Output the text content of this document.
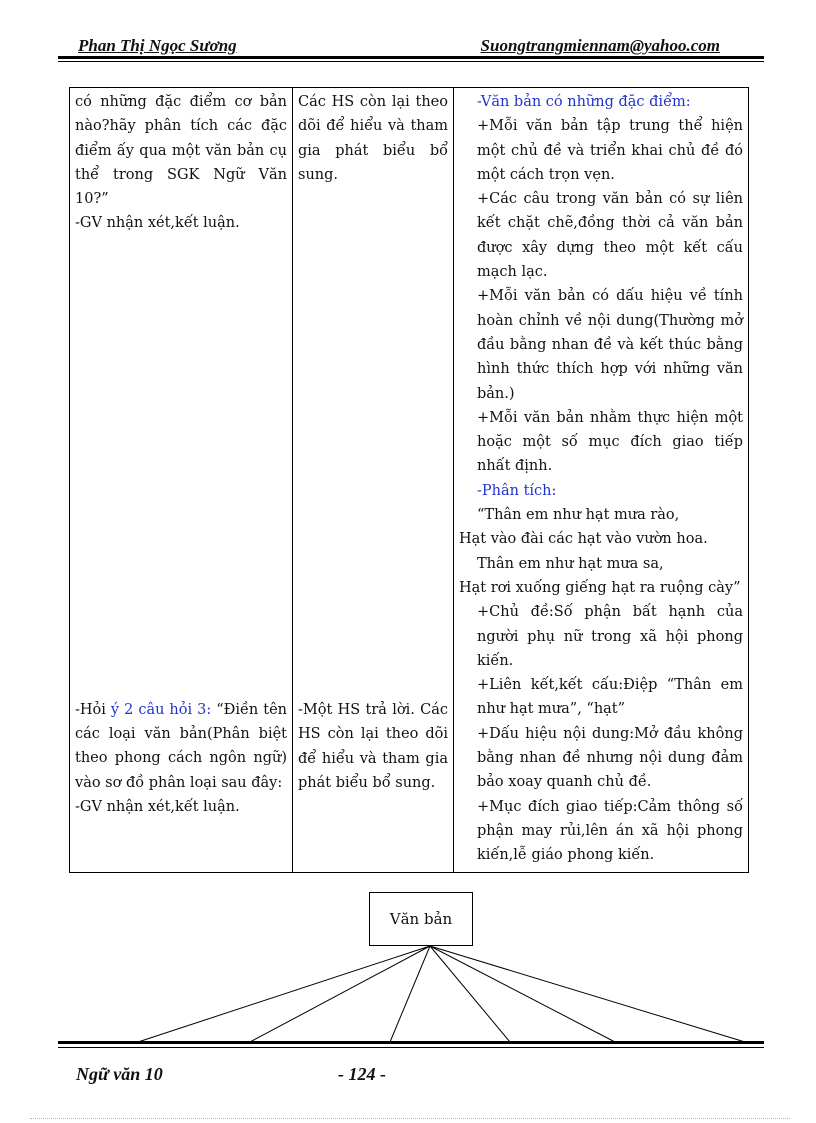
Phan Thị Ngọc Sương	Suongtrangmiennam@yahoo.com
có những đặc điểm cơ bản nào?hãy phân tích các đặc điểm ấy qua một văn bản cụ thể trong SGK Ngữ Văn 10?”
-GV nhận xét,kết luận.
-Hỏi ý 2 câu hỏi 3: “Điền tên các loại văn bản(Phân biệt theo phong cách ngôn ngữ) vào sơ đồ phân loại sau đây:
-GV nhận xét,kết luận.

Các HS còn lại theo dõi để hiểu và tham gia phát biểu bổ sung.
-Một HS trả lời. Các HS còn lại theo dõi để hiểu và tham gia phát biểu bổ sung.

-Văn bản có những đặc điểm:
+Mỗi văn bản tập trung thể hiện một chủ đề và triển khai chủ đề đó một cách trọn vẹn.
+Các câu trong văn bản có sự liên kết chặt chẽ,đồng thời cả văn bản được xây dựng theo một kết cấu mạch lạc.
+Mỗi văn bản có dấu hiệu về tính hoàn chỉnh về nội dung(Thường mở đầu bằng nhan đề và kết thúc bằng hình thức thích hợp với những văn bản.)
+Mỗi văn bản nhằm thực hiện một hoặc một số mục đích giao tiếp nhất định.
-Phân tích:
“Thân em như hạt mưa rào,
Hạt vào đài các hạt vào vườn hoa.
Thân em như hạt mưa sa,
Hạt rơi xuống giếng hạt ra ruộng cày”
+Chủ đề:Số phận bất hạnh của người phụ nữ trong xã hội phong kiến.
+Liên kết,kết cấu:Điệp “Thân em như hạt mưa”, “hạt”
+Dấu hiệu nội dung:Mở đầu không bằng nhan đề nhưng nội dung đảm bảo xoay quanh chủ đề.
+Mục đích giao tiếp:Cảm thông số phận may rủi,lên án xã hội phong kiến,lễ giáo phong kiến.
Văn bản
Ngữ văn 10	- 124 -
